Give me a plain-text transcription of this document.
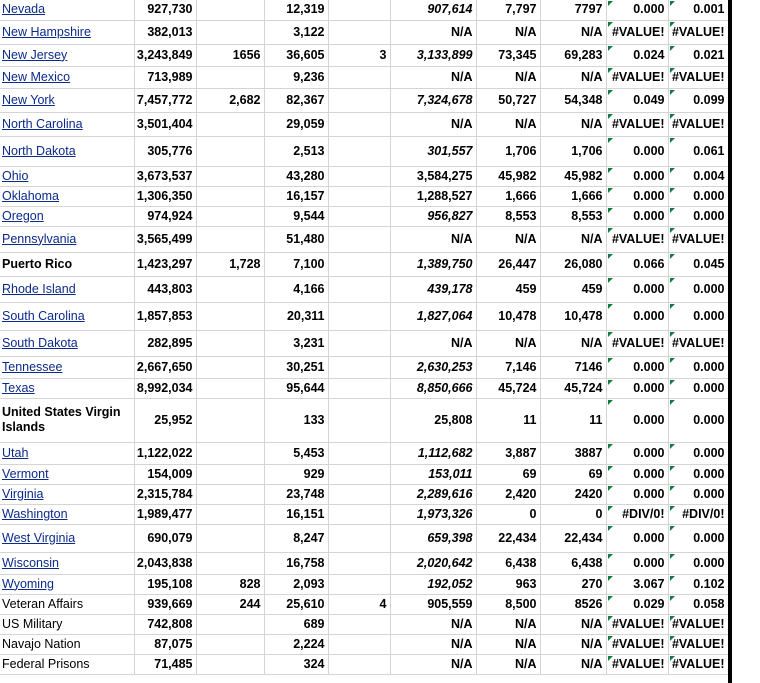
Nevada	927,730		12,319		907,614	7,797	7797	0.000	0.001
New Hampshire	382,013		3,122		N/A	N/A	N/A	#VALUE!	#VALUE!
New Jersey	3,243,849	1656	36,605	3	3,133,899	73,345	69,283	0.024	0.021
New Mexico	713,989		9,236		N/A	N/A	N/A	#VALUE!	#VALUE!
New York	7,457,772	2,682	82,367		7,324,678	50,727	54,348	0.049	0.099
North Carolina	3,501,404		29,059		N/A	N/A	N/A	#VALUE!	#VALUE!
North Dakota	305,776		2,513		301,557	1,706	1,706	0.000	0.061
Ohio	3,673,537		43,280		3,584,275	45,982	45,982	0.000	0.004
Oklahoma	1,306,350		16,157		1,288,527	1,666	1,666	0.000	0.000
Oregon	974,924		9,544		956,827	8,553	8,553	0.000	0.000
Pennsylvania	3,565,499		51,480		N/A	N/A	N/A	#VALUE!	#VALUE!
Puerto Rico	1,423,297	1,728	7,100		1,389,750	26,447	26,080	0.066	0.045
Rhode Island	443,803		4,166		439,178	459	459	0.000	0.000
South Carolina	1,857,853		20,311		1,827,064	10,478	10,478	0.000	0.000
South Dakota	282,895		3,231		N/A	N/A	N/A	#VALUE!	#VALUE!
Tennessee	2,667,650		30,251		2,630,253	7,146	7146	0.000	0.000
Texas	8,992,034		95,644		8,850,666	45,724	45,724	0.000	0.000
United States Virgin Islands	25,952		133		25,808	11	11	0.000	0.000
Utah	1,122,022		5,453		1,112,682	3,887	3887	0.000	0.000
Vermont	154,009		929		153,011	69	69	0.000	0.000
Virginia	2,315,784		23,748		2,289,616	2,420	2420	0.000	0.000
Washington	1,989,477		16,151		1,973,326	0	0	#DIV/0!	#DIV/0!
West Virginia	690,079		8,247		659,398	22,434	22,434	0.000	0.000
Wisconsin	2,043,838		16,758		2,020,642	6,438	6,438	0.000	0.000
Wyoming	195,108	828	2,093		192,052	963	270	3.067	0.102
Veteran Affairs	939,669	244	25,610	4	905,559	8,500	8526	0.029	0.058
US Military	742,808		689		N/A	N/A	N/A	#VALUE!	#VALUE!
Navajo Nation	87,075		2,224		N/A	N/A	N/A	#VALUE!	#VALUE!
Federal Prisons	71,485		324		N/A	N/A	N/A	#VALUE!	#VALUE!
